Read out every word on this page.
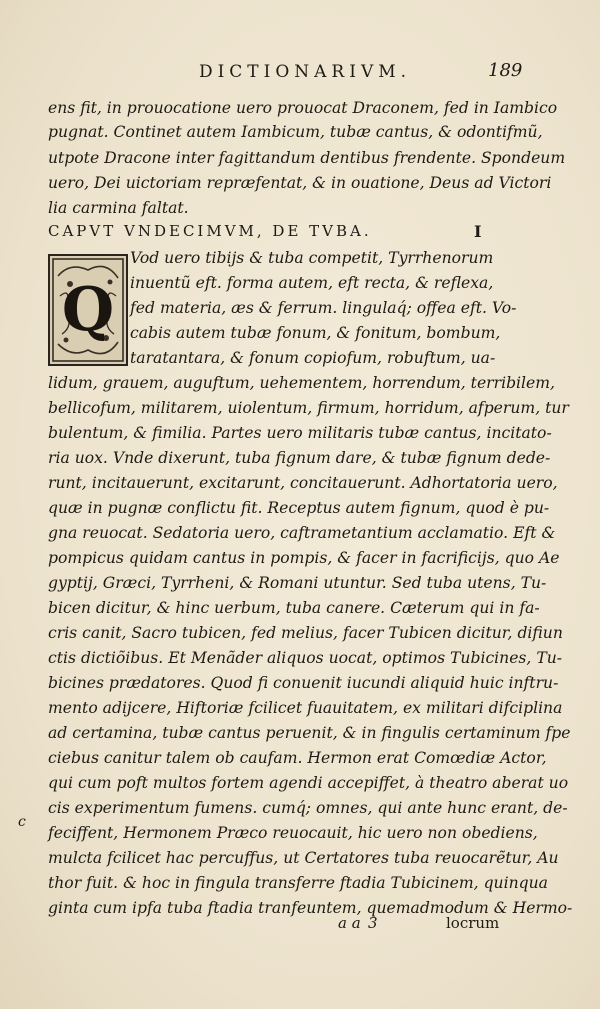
DICTIONARIVM.	189
ens fit, in prouocatione uero prouocat Draconem, fed in Iambico
pugnat. Continet autem Iambicum, tubæ cantus, & odontifmũ,
utpote Dracone inter fagittandum dentibus frendente. Spondeum
uero, Dei uictoriam repræfentat, & in ouatione, Deus ad Victori
lia carmina faltat.
CAPVT VNDECIMVM, DE TVBA.	I
Q
Vod uero tibijs & tuba competit, Tyrrhenorum
inuentũ eft. forma autem, eft recta, & reflexa,
fed materia, æs & ferrum. lingulaq́; offea eft. Vo-
cabis autem tubæ fonum, & fonitum, bombum,
taratantara, & fonum copiofum, robuftum, ua-
lidum, grauem, auguftum, uehementem, horrendum, terribilem,
bellicofum, militarem, uiolentum, firmum, horridum, afperum, tur
bulentum, & fimilia. Partes uero militaris tubæ cantus, incitato-
ria uox. Vnde dixerunt, tuba fignum dare, & tubæ fignum dede-
runt, incitauerunt, excitarunt, concitauerunt. Adhortatoria uero,
quæ in pugnæ conflictu fit. Receptus autem fignum, quod è pu-
gna reuocat. Sedatoria uero, caftrametantium acclamatio. Eft &
pompicus quidam cantus in pompis, & facer in facrificijs, quo Ae
gyptij, Græci, Tyrrheni, & Romani utuntur. Sed tuba utens, Tu-
bicen dicitur, & hinc uerbum, tuba canere. Cæterum qui in fa-
cris canit, Sacro tubicen, fed melius, facer Tubicen dicitur, difiun
ctis dictiõibus. Et Menãder aliquos uocat, optimos Tubicines, Tu-
bicines prædatores. Quod fi conuenit iucundi aliquid huic inftru-
mento adijcere, Hiftoriæ fcilicet fuauitatem, ex militari difciplina
ad certamina, tubæ cantus peruenit, & in fingulis certaminum fpe
ciebus canitur talem ob caufam. Hermon erat Comœdiæ Actor,
qui cum poft multos fortem agendi accepiffet, à theatro aberat uo
cis experimentum fumens. cumq́; omnes, qui ante hunc erant, de-
feciffent, Hermonem Præco reuocauit, hic uero non obediens,
mulcta fcilicet hac percuffus, ut Certatores tuba reuocarẽtur, Au
thor fuit. & hoc in fingula transferre ftadia Tubicinem, quinqua
ginta cum ipfa tuba ftadia tranfeuntem, quemadmodum & Hermo-
c
a a 3	locrum
